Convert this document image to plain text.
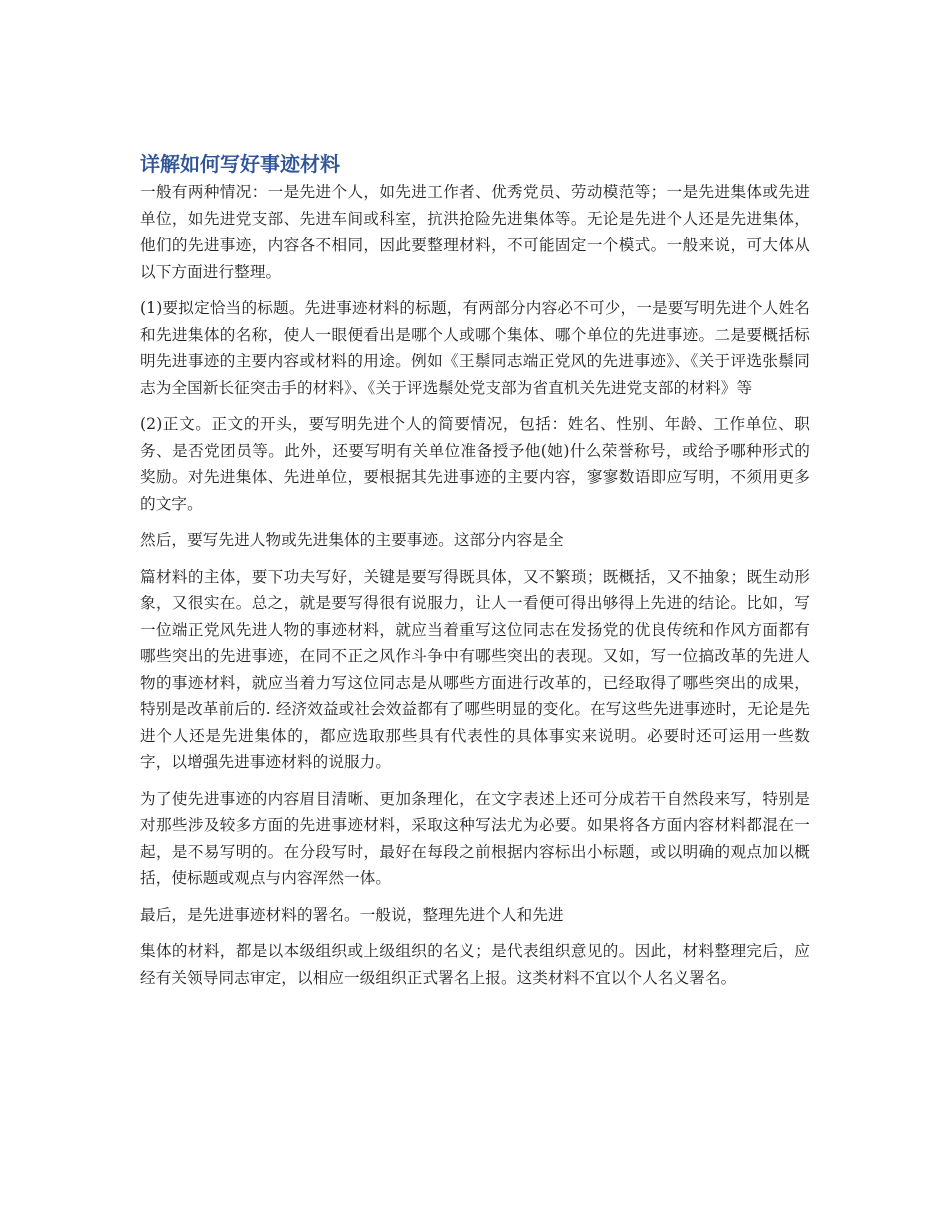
详解如何写好事迹材料

一般有两种情况：一是先进个人，如先进工作者、优秀党员、劳动模范等；一是先进集体或先进单位，如先进党支部、先进车间或科室，抗洪抢险先进集体等。无论是先进个人还是先进集体，他们的先进事迹，内容各不相同，因此要整理材料，不可能固定一个模式。一般来说，可大体从以下方面进行整理。

(1)要拟定恰当的标题。先进事迹材料的标题，有两部分内容必不可少，一是要写明先进个人姓名和先进集体的名称，使人一眼便看出是哪个人或哪个集体、哪个单位的先进事迹。二是要概括标明先进事迹的主要内容或材料的用途。例如《王鬃同志端正党风的先进事迹》、《关于评选张鬃同志为全国新长征突击手的材料》、《关于评选鬃处党支部为省直机关先进党支部的材料》等

(2)正文。正文的开头，要写明先进个人的简要情况，包括：姓名、性别、年龄、工作单位、职务、是否党团员等。此外，还要写明有关单位准备授予他(她)什么荣誉称号，或给予哪种形式的奖励。对先进集体、先进单位，要根据其先进事迹的主要内容，寥寥数语即应写明，不须用更多的文字。

然后，要写先进人物或先进集体的主要事迹。这部分内容是全

篇材料的主体，要下功夫写好，关键是要写得既具体，又不繁琐；既概括，又不抽象；既生动形象，又很实在。总之，就是要写得很有说服力，让人一看便可得出够得上先进的结论。比如，写一位端正党风先进人物的事迹材料，就应当着重写这位同志在发扬党的优良传统和作风方面都有哪些突出的先进事迹，在同不正之风作斗争中有哪些突出的表现。又如，写一位搞改革的先进人物的事迹材料，就应当着力写这位同志是从哪些方面进行改革的，已经取得了哪些突出的成果，特别是改革前后的. 经济效益或社会效益都有了哪些明显的变化。在写这些先进事迹时，无论是先进个人还是先进集体的，都应选取那些具有代表性的具体事实来说明。必要时还可运用一些数字，以增强先进事迹材料的说服力。

为了使先进事迹的内容眉目清晰、更加条理化，在文字表述上还可分成若干自然段来写，特别是对那些涉及较多方面的先进事迹材料，采取这种写法尤为必要。如果将各方面内容材料都混在一起，是不易写明的。在分段写时，最好在每段之前根据内容标出小标题，或以明确的观点加以概括，使标题或观点与内容浑然一体。

最后，是先进事迹材料的署名。一般说，整理先进个人和先进

集体的材料，都是以本级组织或上级组织的名义；是代表组织意见的。因此，材料整理完后，应经有关领导同志审定，以相应一级组织正式署名上报。这类材料不宜以个人名义署名。
